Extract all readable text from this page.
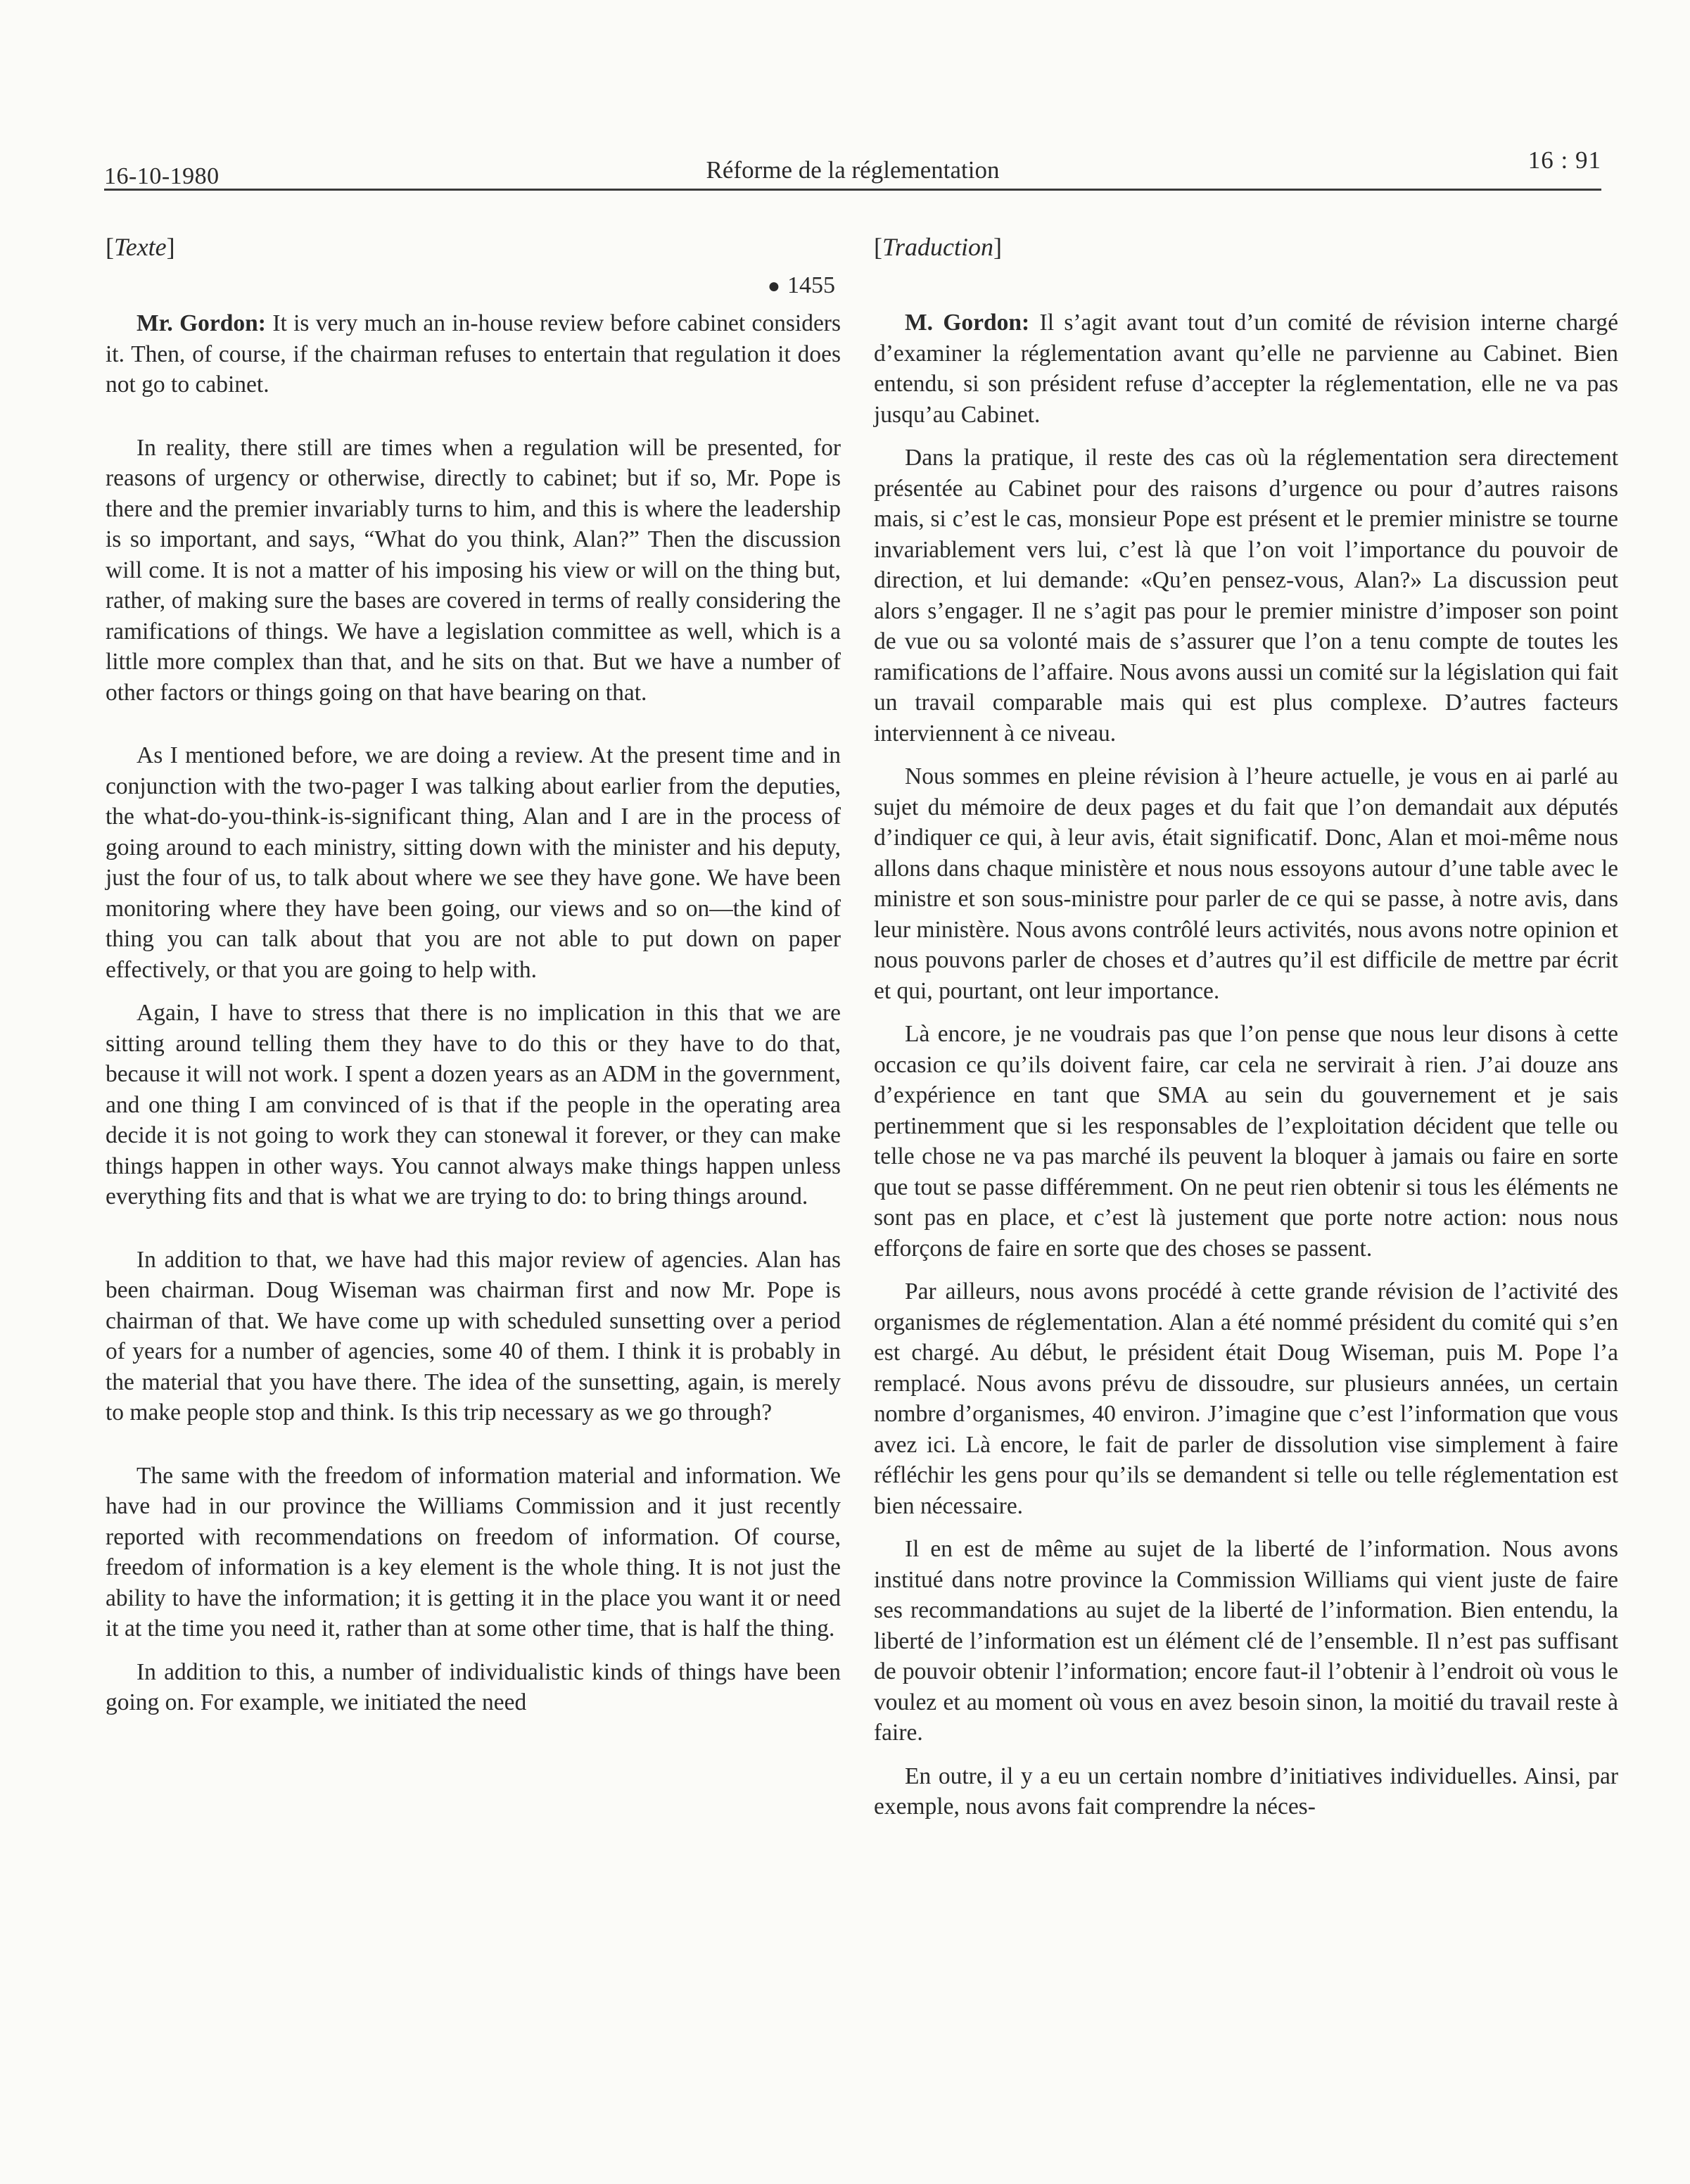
16-10-1980	Réforme de la réglementation	16 : 91
[Texte]
● 1455

Mr. Gordon: It is very much an in-house review before cabinet considers it. Then, of course, if the chairman refuses to entertain that regulation it does not go to cabinet.

In reality, there still are times when a regulation will be presented, for reasons of urgency or otherwise, directly to cabinet; but if so, Mr. Pope is there and the premier invariably turns to him, and this is where the leadership is so important, and says, “What do you think, Alan?” Then the discussion will come. It is not a matter of his imposing his view or will on the thing but, rather, of making sure the bases are covered in terms of really considering the ramifications of things. We have a legislation committee as well, which is a little more complex than that, and he sits on that. But we have a number of other factors or things going on that have bearing on that.

As I mentioned before, we are doing a review. At the present time and in conjunction with the two-pager I was talking about earlier from the deputies, the what-do-you-think-is-significant thing, Alan and I are in the process of going around to each ministry, sitting down with the minister and his deputy, just the four of us, to talk about where we see they have gone. We have been monitoring where they have been going, our views and so on—the kind of thing you can talk about that you are not able to put down on paper effectively, or that you are going to help with.

Again, I have to stress that there is no implication in this that we are sitting around telling them they have to do this or they have to do that, because it will not work. I spent a dozen years as an ADM in the government, and one thing I am convinced of is that if the people in the operating area decide it is not going to work they can stonewal it forever, or they can make things happen in other ways. You cannot always make things happen unless everything fits and that is what we are trying to do: to bring things around.

In addition to that, we have had this major review of agencies. Alan has been chairman. Doug Wiseman was chairman first and now Mr. Pope is chairman of that. We have come up with scheduled sunsetting over a period of years for a number of agencies, some 40 of them. I think it is probably in the material that you have there. The idea of the sunsetting, again, is merely to make people stop and think. Is this trip necessary as we go through?

The same with the freedom of information material and information. We have had in our province the Williams Commission and it just recently reported with recommendations on freedom of information. Of course, freedom of information is a key element is the whole thing. It is not just the ability to have the information; it is getting it in the place you want it or need it at the time you need it, rather than at some other time, that is half the thing.

In addition to this, a number of individualistic kinds of things have been going on. For example, we initiated the need

[Traduction]

M. Gordon: Il s’agit avant tout d’un comité de révision interne chargé d’examiner la réglementation avant qu’elle ne parvienne au Cabinet. Bien entendu, si son président refuse d’accepter la réglementation, elle ne va pas jusqu’au Cabinet.

Dans la pratique, il reste des cas où la réglementation sera directement présentée au Cabinet pour des raisons d’urgence ou pour d’autres raisons mais, si c’est le cas, monsieur Pope est présent et le premier ministre se tourne invariablement vers lui, c’est là que l’on voit l’importance du pouvoir de direction, et lui demande: «Qu’en pensez-vous, Alan?» La discussion peut alors s’engager. Il ne s’agit pas pour le premier ministre d’imposer son point de vue ou sa volonté mais de s’assurer que l’on a tenu compte de toutes les ramifications de l’affaire. Nous avons aussi un comité sur la législation qui fait un travail comparable mais qui est plus complexe. D’autres facteurs interviennent à ce niveau.

Nous sommes en pleine révision à l’heure actuelle, je vous en ai parlé au sujet du mémoire de deux pages et du fait que l’on demandait aux députés d’indiquer ce qui, à leur avis, était significatif. Donc, Alan et moi-même nous allons dans chaque ministère et nous nous essoyons autour d’une table avec le ministre et son sous-ministre pour parler de ce qui se passe, à notre avis, dans leur ministère. Nous avons contrôlé leurs activités, nous avons notre opinion et nous pouvons parler de choses et d’autres qu’il est difficile de mettre par écrit et qui, pourtant, ont leur importance.

Là encore, je ne voudrais pas que l’on pense que nous leur disons à cette occasion ce qu’ils doivent faire, car cela ne servirait à rien. J’ai douze ans d’expérience en tant que SMA au sein du gouvernement et je sais pertinemment que si les responsables de l’exploitation décident que telle ou telle chose ne va pas marché ils peuvent la bloquer à jamais ou faire en sorte que tout se passe différemment. On ne peut rien obtenir si tous les éléments ne sont pas en place, et c’est là justement que porte notre action: nous nous efforçons de faire en sorte que des choses se passent.

Par ailleurs, nous avons procédé à cette grande révision de l’activité des organismes de réglementation. Alan a été nommé président du comité qui s’en est chargé. Au début, le président était Doug Wiseman, puis M. Pope l’a remplacé. Nous avons prévu de dissoudre, sur plusieurs années, un certain nombre d’organismes, 40 environ. J’imagine que c’est l’information que vous avez ici. Là encore, le fait de parler de dissolution vise simplement à faire réfléchir les gens pour qu’ils se demandent si telle ou telle réglementation est bien nécessaire.

Il en est de même au sujet de la liberté de l’information. Nous avons institué dans notre province la Commission Williams qui vient juste de faire ses recommandations au sujet de la liberté de l’information. Bien entendu, la liberté de l’information est un élément clé de l’ensemble. Il n’est pas suffisant de pouvoir obtenir l’information; encore faut-il l’obtenir à l’endroit où vous le voulez et au moment où vous en avez besoin sinon, la moitié du travail reste à faire.

En outre, il y a eu un certain nombre d’initiatives individuelles. Ainsi, par exemple, nous avons fait comprendre la néces-
